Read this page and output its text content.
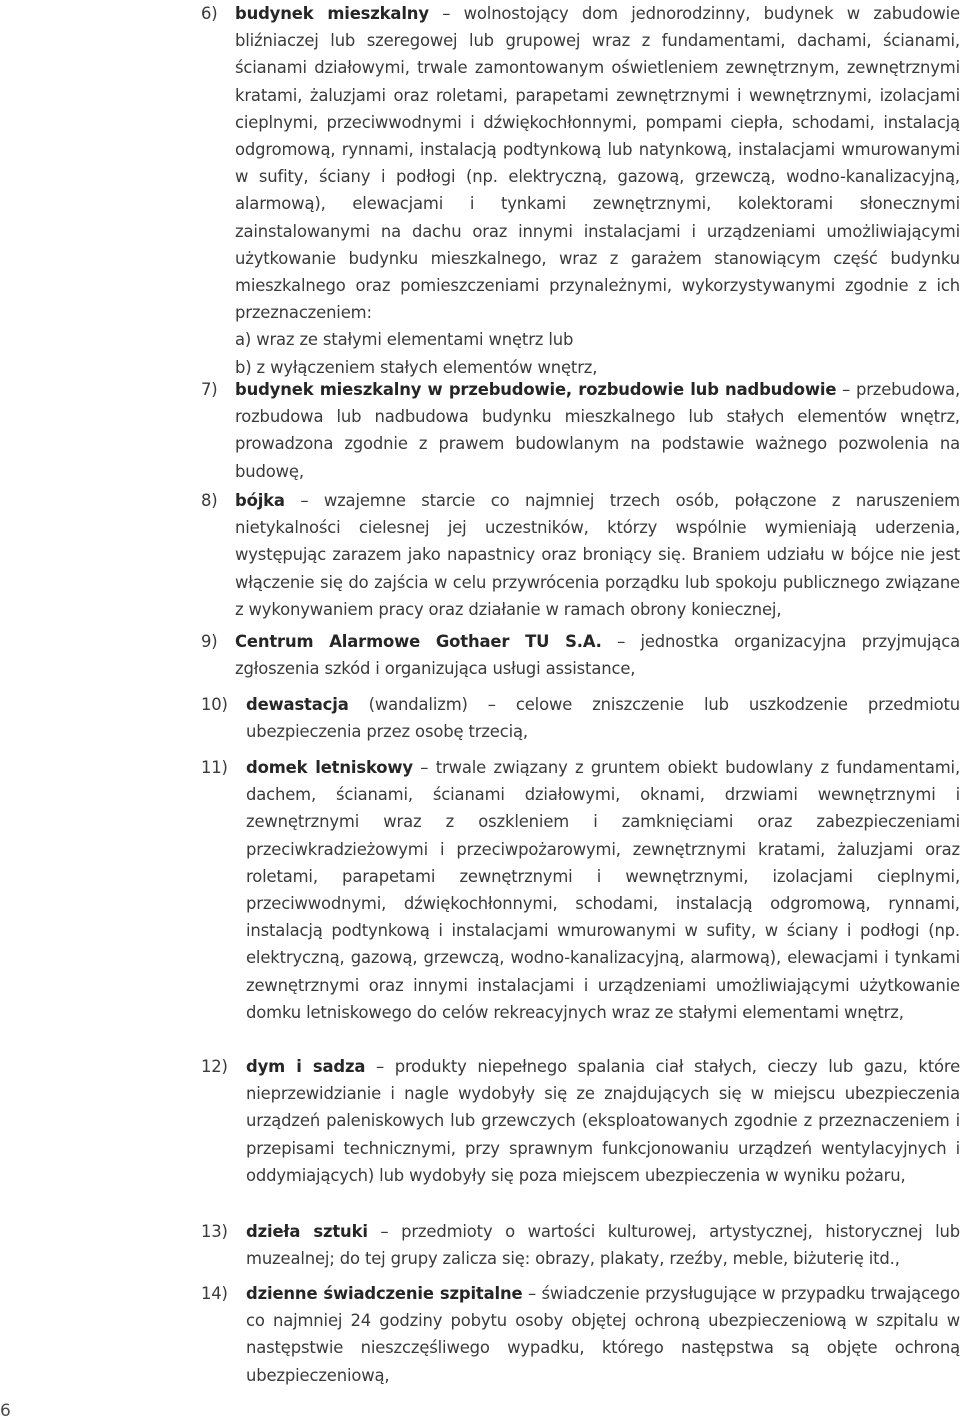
6) budynek mieszkalny – wolnostojący dom jednorodzinny, budynek w zabudowie bliźniaczej lub szeregowej lub grupowej wraz z fundamentami, dachami, ścianami, ścianami działowymi, trwale zamontowanym oświetleniem zewnętrznym, zewnętrznymi kratami, żaluzjami oraz roletami, parapetami zewnętrznymi i wewnętrznymi, izolacjami cieplnymi, przeciwwodnymi i dźwiękochłonnymi, pompami ciepła, schodami, instalacją odgromową, rynnami, instalacją podtynkową lub natynkową, instalacjami wmurowanymi w sufity, ściany i podłogi (np. elektryczną, gazową, grzewczą, wodno-kanalizacyjną, alarmową), elewacjami i tynkami zewnętrznymi, kolektorami słonecznymi zainstalowanymi na dachu oraz innymi instalacjami i urządzeniami umożliwiającymi użytkowanie budynku mieszkalnego, wraz z garażem stanowiącym część budynku mieszkalnego oraz pomieszczeniami przynależnymi, wykorzystywanymi zgodnie z ich przeznaczeniem:
a) wraz ze stałymi elementami wnętrz lub
b) z wyłączeniem stałych elementów wnętrz,
7) budynek mieszkalny w przebudowie, rozbudowie lub nadbudowie – przebudowa, rozbudowa lub nadbudowa budynku mieszkalnego lub stałych elementów wnętrz, prowadzona zgodnie z prawem budowlanym na podstawie ważnego pozwolenia na budowę,
8) bójka – wzajemne starcie co najmniej trzech osób, połączone z naruszeniem nietykalności cielesnej jej uczestników, którzy wspólnie wymieniają uderzenia, występując zarazem jako napastnicy oraz broniący się. Braniem udziału w bójce nie jest włączenie się do zajścia w celu przywrócenia porządku lub spokoju publicznego związane z wykonywaniem pracy oraz działanie w ramach obrony koniecznej,
9) Centrum Alarmowe Gothaer TU S.A. – jednostka organizacyjna przyjmująca zgłoszenia szkód i organizująca usługi assistance,
10) dewastacja (wandalizm) – celowe zniszczenie lub uszkodzenie przedmiotu ubezpieczenia przez osobę trzecią,
11) domek letniskowy – trwale związany z gruntem obiekt budowlany z fundamentami, dachem, ścianami, ścianami działowymi, oknami, drzwiami wewnętrznymi i zewnętrznymi wraz z oszkleniem i zamknięciami oraz zabezpieczeniami przeciwkradzieżowymi i przeciwpożarowymi, zewnętrznymi kratami, żaluzjami oraz roletami, parapetami zewnętrznymi i wewnętrznymi, izolacjami cieplnymi, przeciwwodnymi, dźwiękochłonnymi, schodami, instalacją odgromową, rynnami, instalacją podtynkową i instalacjami wmurowanymi w sufity, w ściany i podłogi (np. elektryczną, gazową, grzewczą, wodno-kanalizacyjną, alarmową), elewacjami i tynkami zewnętrznymi oraz innymi instalacjami i urządzeniami umożliwiającymi użytkowanie domku letniskowego do celów rekreacyjnych wraz ze stałymi elementami wnętrz,
12) dym i sadza – produkty niepełnego spalania ciał stałych, cieczy lub gazu, które nieprzewidzianie i nagle wydobyły się ze znajdujących się w miejscu ubezpieczenia urządzeń paleniskowych lub grzewczych (eksploatowanych zgodnie z przeznaczeniem i przepisami technicznymi, przy sprawnym funkcjonowaniu urządzeń wentylacyjnych i oddymiających) lub wydobyły się poza miejscem ubezpieczenia w wyniku pożaru,
13) dzieła sztuki – przedmioty o wartości kulturowej, artystycznej, historycznej lub muzealnej; do tej grupy zalicza się: obrazy, plakaty, rzeźby, meble, biżuterię itd.,
14) dzienne świadczenie szpitalne – świadczenie przysługujące w przypadku trwającego co najmniej 24 godziny pobytu osoby objętej ochroną ubezpieczeniową w szpitalu w następstwie nieszczęśliwego wypadku, którego następstwa są objęte ochroną ubezpieczeniową,
6
